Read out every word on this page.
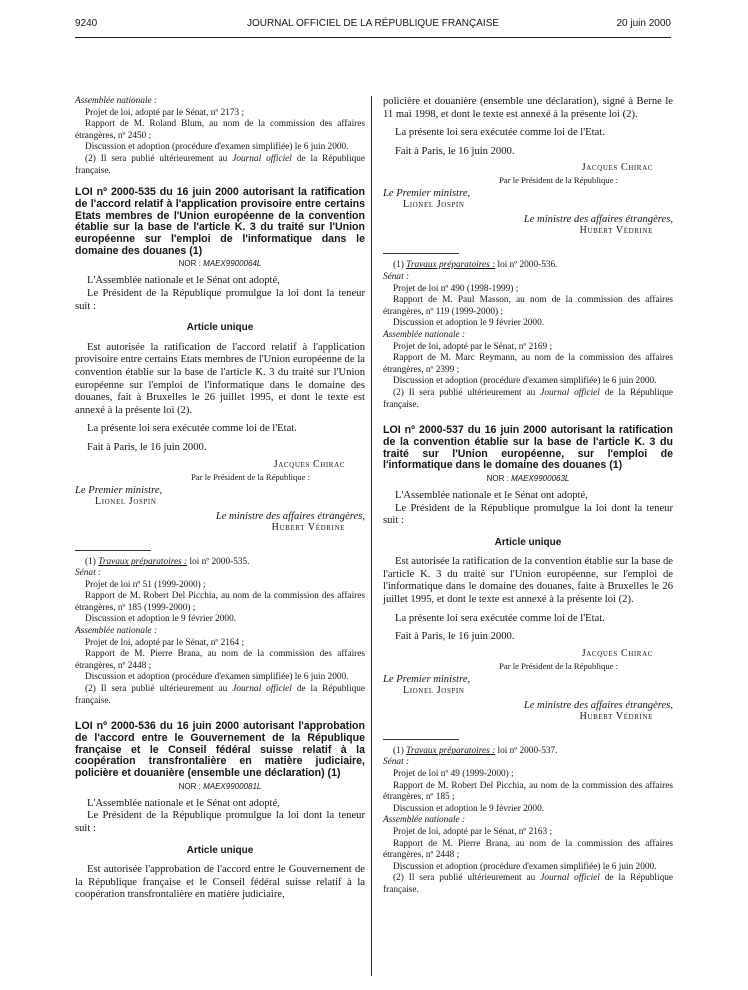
9240	JOURNAL OFFICIEL DE LA RÉPUBLIQUE FRANÇAISE	20 juin 2000

Assemblée nationale :

Projet de loi, adopté par le Sénat, nº 2173 ;

Rapport de M. Roland Blum, au nom de la commission des affaires étrangères, nº 2450 ;

Discussion et adoption (procédure d'examen simplifiée) le 6 juin 2000.

(2) Il sera publié ultérieurement au Journal officiel de la République française.

LOI nº 2000-535 du 16 juin 2000 autorisant la ratification de l'accord relatif à l'application provisoire entre certains Etats membres de l'Union européenne de la convention établie sur la base de l'article K. 3 du traité sur l'Union européenne sur l'emploi de l'informatique dans le domaine des douanes (1)
NOR : MAEX9900064L

L'Assemblée nationale et le Sénat ont adopté,

Le Président de la République promulgue la loi dont la teneur suit :

Article unique

Est autorisée la ratification de l'accord relatif à l'application provisoire entre certains Etats membres de l'Union européenne de la convention établie sur la base de l'article K. 3 du traité sur l'Union européenne sur l'emploi de l'informatique dans le domaine des douanes, fait à Bruxelles le 26 juillet 1995, et dont le texte est annexé à la présente loi (2).

La présente loi sera exécutée comme loi de l'Etat.

Fait à Paris, le 16 juin 2000.

Jacques Chirac
Par le Président de la République :
Le Premier ministre,
Lionel Jospin
Le ministre des affaires étrangères,
Hubert Védrine

(1) Travaux préparatoires : loi nº 2000-535.

Sénat :

Projet de loi nº 51 (1999-2000) ;

Rapport de M. Robert Del Picchia, au nom de la commission des affaires étrangères, nº 185 (1999-2000) ;

Discussion et adoption le 9 février 2000.

Assemblée nationale :

Projet de loi, adopté par le Sénat, nº 2164 ;

Rapport de M. Pierre Brana, au nom de la commission des affaires étrangères, nº 2448 ;

Discussion et adoption (procédure d'examen simplifiée) le 6 juin 2000.

(2) Il sera publié ultérieurement au Journal officiel de la République française.

LOI nº 2000-536 du 16 juin 2000 autorisant l'approbation de l'accord entre le Gouvernement de la République française et le Conseil fédéral suisse relatif à la coopération transfrontalière en matière judiciaire, policière et douanière (ensemble une déclaration) (1)
NOR : MAEX9900081L

L'Assemblée nationale et le Sénat ont adopté,

Le Président de la République promulgue la loi dont la teneur suit :

Article unique

Est autorisée l'approbation de l'accord entre le Gouvernement de la République française et le Conseil fédéral suisse relatif à la coopération transfrontalière en matière judiciaire,

policière et douanière (ensemble une déclaration), signé à Berne le 11 mai 1998, et dont le texte est annexé à la présente loi (2).

La présente loi sera exécutée comme loi de l'Etat.

Fait à Paris, le 16 juin 2000.

Jacques Chirac
Par le Président de la République :
Le Premier ministre,
Lionel Jospin
Le ministre des affaires étrangères,
Hubert Védrine

(1) Travaux préparatoires : loi nº 2000-536.

Sénat :

Projet de loi nº 490 (1998-1999) ;

Rapport de M. Paul Masson, au nom de la commission des affaires étrangères, nº 119 (1999-2000) ;

Discussion et adoption le 9 février 2000.

Assemblée nationale :

Projet de loi, adopté par le Sénat, nº 2169 ;

Rapport de M. Marc Reymann, au nom de la commission des affaires étrangères, nº 2399 ;

Discussion et adoption (procédure d'examen simplifiée) le 6 juin 2000.

(2) Il sera publié ultérieurement au Journal officiel de la République française.

LOI nº 2000-537 du 16 juin 2000 autorisant la ratification de la convention établie sur la base de l'article K. 3 du traité sur l'Union européenne, sur l'emploi de l'informatique dans le domaine des douanes (1)
NOR : MAEX9900063L

L'Assemblée nationale et le Sénat ont adopté,

Le Président de la République promulgue la loi dont la teneur suit :

Article unique

Est autorisée la ratification de la convention établie sur la base de l'article K. 3 du traité sur l'Union européenne, sur l'emploi de l'informatique dans le domaine des douanes, faite à Bruxelles le 26 juillet 1995, et dont le texte est annexé à la présente loi (2).

La présente loi sera exécutée comme loi de l'Etat.

Fait à Paris, le 16 juin 2000.

Jacques Chirac
Par le Président de la République :
Le Premier ministre,
Lionel Jospin
Le ministre des affaires étrangères,
Hubert Védrine

(1) Travaux préparatoires : loi nº 2000-537.

Sénat :

Projet de loi nº 49 (1999-2000) ;

Rapport de M. Robert Del Picchia, au nom de la commission des affaires étrangères, nº 185 ;

Discussion et adoption le 9 février 2000.

Assemblée nationale :

Projet de loi, adopté par le Sénat, nº 2163 ;

Rapport de M. Pierre Brana, au nom de la commission des affaires étrangères, nº 2448 ;

Discussion et adoption (procédure d'examen simplifiée) le 6 juin 2000.

(2) Il sera publié ultérieurement au Journal officiel de la République française.
